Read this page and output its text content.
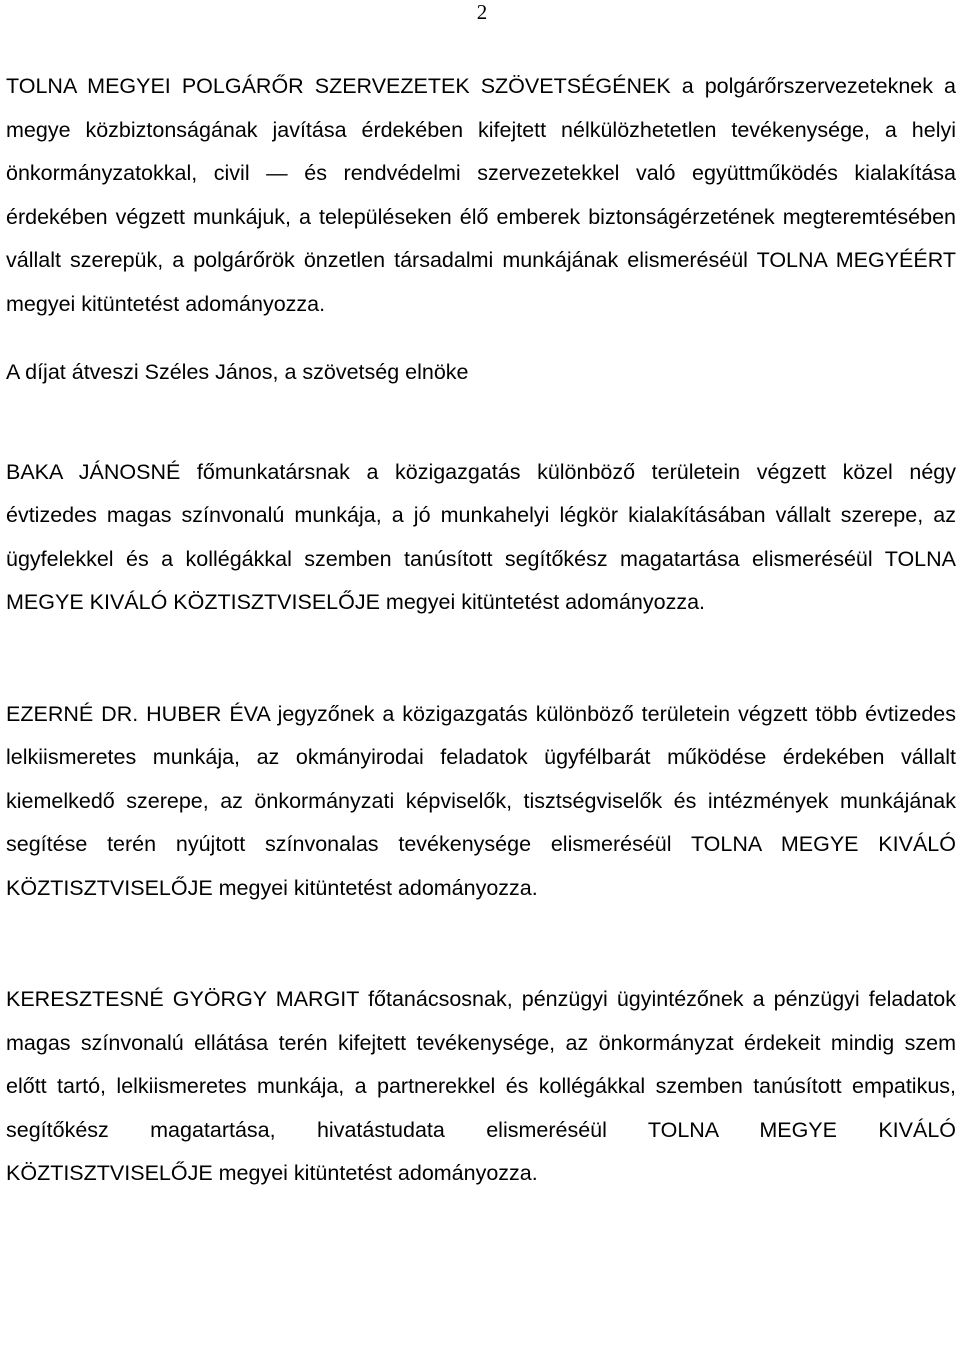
2

TOLNA MEGYEI POLGÁRŐR SZERVEZETEK SZÖVETSÉGÉNEK a polgárőrszervezeteknek a megye közbiztonságának javítása érdekében kifejtett nélkülözhetetlen tevékenysége, a helyi önkormányzatokkal, civil — és rendvédelmi szervezetekkel való együttműködés kialakítása érdekében végzett munkájuk, a településeken élő emberek biztonságérzetének megteremtésében vállalt szerepük, a polgárőrök önzetlen társadalmi munkájának elismeréséül TOLNA MEGYÉÉRT megyei kitüntetést adományozza.

A díjat átveszi Széles János, a szövetség elnöke

BAKA JÁNOSNÉ főmunkatársnak a közigazgatás különböző területein végzett közel négy évtizedes magas színvonalú munkája, a jó munkahelyi légkör kialakításában vállalt szerepe, az ügyfelekkel és a kollégákkal szemben tanúsított segítőkész magatartása elismeréséül TOLNA MEGYE KIVÁLÓ KÖZTISZTVISELŐJE megyei kitüntetést adományozza.

EZERNÉ DR. HUBER ÉVA jegyzőnek a közigazgatás különböző területein végzett több évtizedes lelkiismeretes munkája, az okmányirodai feladatok ügyfélbarát működése érdekében vállalt kiemelkedő szerepe, az önkormányzati képviselők, tisztségviselők és intézmények munkájának segítése terén nyújtott színvonalas tevékenysége elismeréséül TOLNA MEGYE KIVÁLÓ KÖZTISZTVISELŐJE megyei kitüntetést adományozza.

KERESZTESNÉ GYÖRGY MARGIT főtanácsosnak, pénzügyi ügyintézőnek a pénzügyi feladatok magas színvonalú ellátása terén kifejtett tevékenysége, az önkormányzat érdekeit mindig szem előtt tartó, lelkiismeretes munkája, a partnerekkel és kollégákkal szemben tanúsított empatikus, segítőkész magatartása, hivatástudata elismeréséül TOLNA MEGYE KIVÁLÓ KÖZTISZTVISELŐJE megyei kitüntetést adományozza.
